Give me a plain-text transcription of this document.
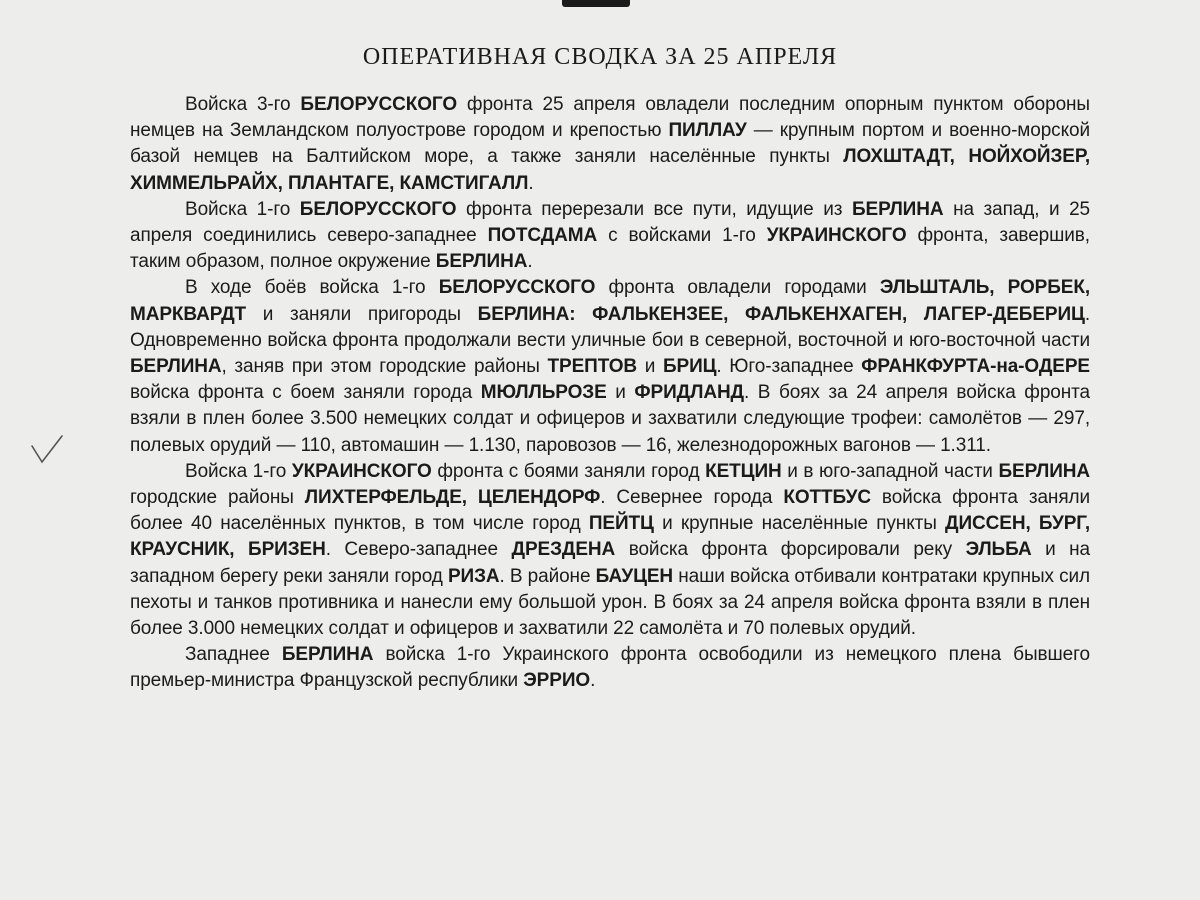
ОПЕРАТИВНАЯ СВОДКА ЗА 25 АПРЕЛЯ

Войска 3-го БЕЛОРУССКОГО фронта 25 апреля овладели последним опорным пунктом обороны немцев на Земландском полуострове городом и крепостью ПИЛЛАУ — крупным портом и военно-морской базой немцев на Балтийском море, а также заняли населённые пункты ЛОХШТАДТ, НОЙХОЙЗЕР, ХИММЕЛЬРАЙХ, ПЛАНТАГЕ, КАМСТИГАЛЛ.

Войска 1-го БЕЛОРУССКОГО фронта перерезали все пути, идущие из БЕРЛИНА на запад, и 25 апреля соединились северо-западнее ПОТСДАМА с войсками 1-го УКРАИНСКОГО фронта, завершив, таким образом, полное окружение БЕРЛИНА.

В ходе боёв войска 1-го БЕЛОРУССКОГО фронта овладели городами ЭЛЬШТАЛЬ, РОРБЕК, МАРКВАРДТ и заняли пригороды БЕРЛИНА: ФАЛЬКЕНЗЕЕ, ФАЛЬКЕНХАГЕН, ЛАГЕР-ДЕБЕРИЦ. Одновременно войска фронта продолжали вести уличные бои в северной, восточной и юго-восточной части БЕРЛИНА, заняв при этом городские районы ТРЕПТОВ и БРИЦ. Юго-западнее ФРАНКФУРТА-на-ОДЕРЕ войска фронта с боем заняли города МЮЛЛЬРОЗЕ и ФРИДЛАНД. В боях за 24 апреля войска фронта взяли в плен более 3.500 немецких солдат и офицеров и захватили следующие трофеи: самолётов — 297, полевых орудий — 110, автомашин — 1.130, паровозов — 16, железнодорожных вагонов — 1.311.

Войска 1-го УКРАИНСКОГО фронта с боями заняли город КЕТЦИН и в юго-западной части БЕРЛИНА городские районы ЛИХТЕРФЕЛЬДЕ, ЦЕЛЕНДОРФ. Севернее города КОТТБУС войска фронта заняли более 40 населённых пунктов, в том числе город ПЕЙТЦ и крупные населённые пункты ДИССЕН, БУРГ, КРАУСНИК, БРИЗЕН. Северо-западнее ДРЕЗДЕНА войска фронта форсировали реку ЭЛЬБА и на западном берегу реки заняли город РИЗА. В районе БАУЦЕН наши войска отбивали контратаки крупных сил пехоты и танков противника и нанесли ему большой урон. В боях за 24 апреля войска фронта взяли в плен более 3.000 немецких солдат и офицеров и захватили 22 самолёта и 70 полевых орудий.

Западнее БЕРЛИНА войска 1-го Украинского фронта освободили из немецкого плена бывшего премьер-министра Французской республики ЭРРИО.
